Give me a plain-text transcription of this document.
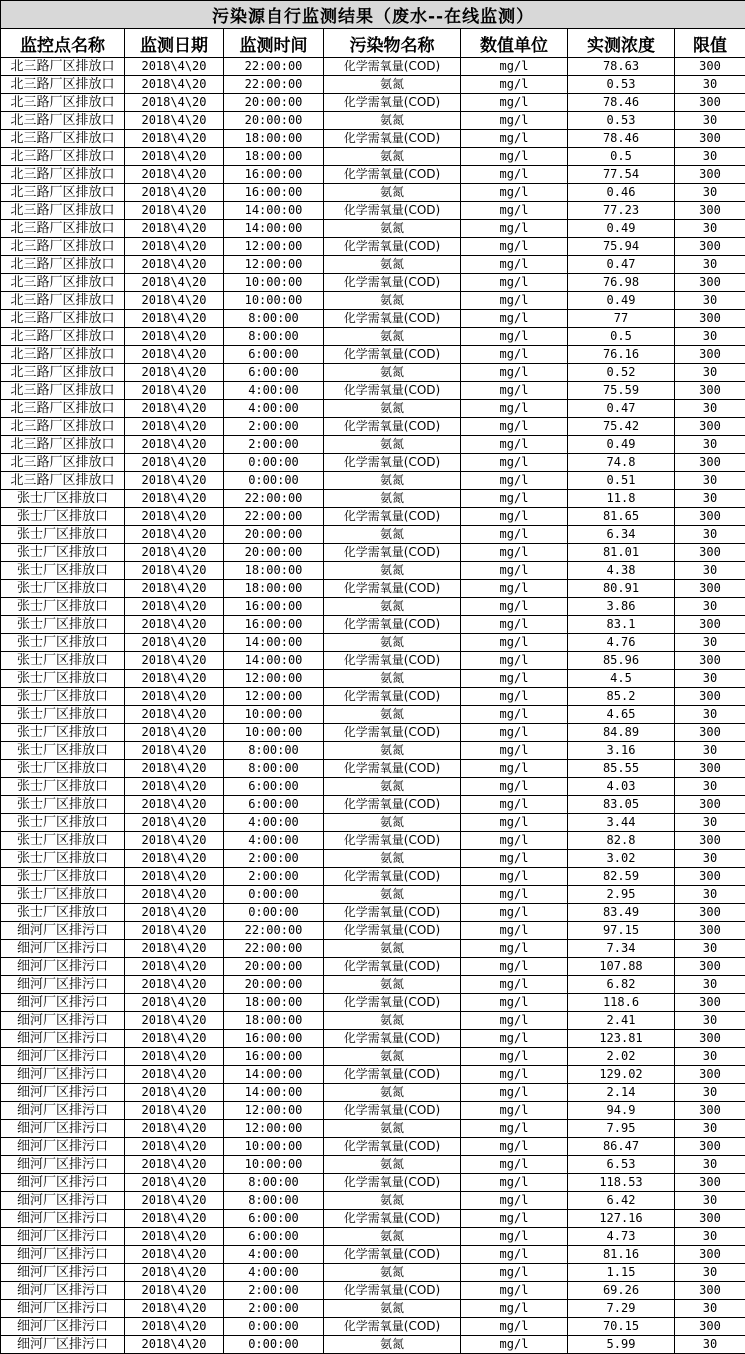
污染源自行监测结果（废水--在线监测）						
监控点名称	监测日期	监测时间	污染物名称	数值单位	实测浓度	限值
北三路厂区排放口	2018\4\20	22:00:00	化学需氧量(COD)	mg/l	78.63	300
北三路厂区排放口	2018\4\20	22:00:00	氨氮	mg/l	0.53	30
北三路厂区排放口	2018\4\20	20:00:00	化学需氧量(COD)	mg/l	78.46	300
北三路厂区排放口	2018\4\20	20:00:00	氨氮	mg/l	0.53	30
北三路厂区排放口	2018\4\20	18:00:00	化学需氧量(COD)	mg/l	78.46	300
北三路厂区排放口	2018\4\20	18:00:00	氨氮	mg/l	0.5	30
北三路厂区排放口	2018\4\20	16:00:00	化学需氧量(COD)	mg/l	77.54	300
北三路厂区排放口	2018\4\20	16:00:00	氨氮	mg/l	0.46	30
北三路厂区排放口	2018\4\20	14:00:00	化学需氧量(COD)	mg/l	77.23	300
北三路厂区排放口	2018\4\20	14:00:00	氨氮	mg/l	0.49	30
北三路厂区排放口	2018\4\20	12:00:00	化学需氧量(COD)	mg/l	75.94	300
北三路厂区排放口	2018\4\20	12:00:00	氨氮	mg/l	0.47	30
北三路厂区排放口	2018\4\20	10:00:00	化学需氧量(COD)	mg/l	76.98	300
北三路厂区排放口	2018\4\20	10:00:00	氨氮	mg/l	0.49	30
北三路厂区排放口	2018\4\20	8:00:00	化学需氧量(COD)	mg/l	77	300
北三路厂区排放口	2018\4\20	8:00:00	氨氮	mg/l	0.5	30
北三路厂区排放口	2018\4\20	6:00:00	化学需氧量(COD)	mg/l	76.16	300
北三路厂区排放口	2018\4\20	6:00:00	氨氮	mg/l	0.52	30
北三路厂区排放口	2018\4\20	4:00:00	化学需氧量(COD)	mg/l	75.59	300
北三路厂区排放口	2018\4\20	4:00:00	氨氮	mg/l	0.47	30
北三路厂区排放口	2018\4\20	2:00:00	化学需氧量(COD)	mg/l	75.42	300
北三路厂区排放口	2018\4\20	2:00:00	氨氮	mg/l	0.49	30
北三路厂区排放口	2018\4\20	0:00:00	化学需氧量(COD)	mg/l	74.8	300
北三路厂区排放口	2018\4\20	0:00:00	氨氮	mg/l	0.51	30
张士厂区排放口	2018\4\20	22:00:00	氨氮	mg/l	11.8	30
张士厂区排放口	2018\4\20	22:00:00	化学需氧量(COD)	mg/l	81.65	300
张士厂区排放口	2018\4\20	20:00:00	氨氮	mg/l	6.34	30
张士厂区排放口	2018\4\20	20:00:00	化学需氧量(COD)	mg/l	81.01	300
张士厂区排放口	2018\4\20	18:00:00	氨氮	mg/l	4.38	30
张士厂区排放口	2018\4\20	18:00:00	化学需氧量(COD)	mg/l	80.91	300
张士厂区排放口	2018\4\20	16:00:00	氨氮	mg/l	3.86	30
张士厂区排放口	2018\4\20	16:00:00	化学需氧量(COD)	mg/l	83.1	300
张士厂区排放口	2018\4\20	14:00:00	氨氮	mg/l	4.76	30
张士厂区排放口	2018\4\20	14:00:00	化学需氧量(COD)	mg/l	85.96	300
张士厂区排放口	2018\4\20	12:00:00	氨氮	mg/l	4.5	30
张士厂区排放口	2018\4\20	12:00:00	化学需氧量(COD)	mg/l	85.2	300
张士厂区排放口	2018\4\20	10:00:00	氨氮	mg/l	4.65	30
张士厂区排放口	2018\4\20	10:00:00	化学需氧量(COD)	mg/l	84.89	300
张士厂区排放口	2018\4\20	8:00:00	氨氮	mg/l	3.16	30
张士厂区排放口	2018\4\20	8:00:00	化学需氧量(COD)	mg/l	85.55	300
张士厂区排放口	2018\4\20	6:00:00	氨氮	mg/l	4.03	30
张士厂区排放口	2018\4\20	6:00:00	化学需氧量(COD)	mg/l	83.05	300
张士厂区排放口	2018\4\20	4:00:00	氨氮	mg/l	3.44	30
张士厂区排放口	2018\4\20	4:00:00	化学需氧量(COD)	mg/l	82.8	300
张士厂区排放口	2018\4\20	2:00:00	氨氮	mg/l	3.02	30
张士厂区排放口	2018\4\20	2:00:00	化学需氧量(COD)	mg/l	82.59	300
张士厂区排放口	2018\4\20	0:00:00	氨氮	mg/l	2.95	30
张士厂区排放口	2018\4\20	0:00:00	化学需氧量(COD)	mg/l	83.49	300
细河厂区排污口	2018\4\20	22:00:00	化学需氧量(COD)	mg/l	97.15	300
细河厂区排污口	2018\4\20	22:00:00	氨氮	mg/l	7.34	30
细河厂区排污口	2018\4\20	20:00:00	化学需氧量(COD)	mg/l	107.88	300
细河厂区排污口	2018\4\20	20:00:00	氨氮	mg/l	6.82	30
细河厂区排污口	2018\4\20	18:00:00	化学需氧量(COD)	mg/l	118.6	300
细河厂区排污口	2018\4\20	18:00:00	氨氮	mg/l	2.41	30
细河厂区排污口	2018\4\20	16:00:00	化学需氧量(COD)	mg/l	123.81	300
细河厂区排污口	2018\4\20	16:00:00	氨氮	mg/l	2.02	30
细河厂区排污口	2018\4\20	14:00:00	化学需氧量(COD)	mg/l	129.02	300
细河厂区排污口	2018\4\20	14:00:00	氨氮	mg/l	2.14	30
细河厂区排污口	2018\4\20	12:00:00	化学需氧量(COD)	mg/l	94.9	300
细河厂区排污口	2018\4\20	12:00:00	氨氮	mg/l	7.95	30
细河厂区排污口	2018\4\20	10:00:00	化学需氧量(COD)	mg/l	86.47	300
细河厂区排污口	2018\4\20	10:00:00	氨氮	mg/l	6.53	30
细河厂区排污口	2018\4\20	8:00:00	化学需氧量(COD)	mg/l	118.53	300
细河厂区排污口	2018\4\20	8:00:00	氨氮	mg/l	6.42	30
细河厂区排污口	2018\4\20	6:00:00	化学需氧量(COD)	mg/l	127.16	300
细河厂区排污口	2018\4\20	6:00:00	氨氮	mg/l	4.73	30
细河厂区排污口	2018\4\20	4:00:00	化学需氧量(COD)	mg/l	81.16	300
细河厂区排污口	2018\4\20	4:00:00	氨氮	mg/l	1.15	30
细河厂区排污口	2018\4\20	2:00:00	化学需氧量(COD)	mg/l	69.26	300
细河厂区排污口	2018\4\20	2:00:00	氨氮	mg/l	7.29	30
细河厂区排污口	2018\4\20	0:00:00	化学需氧量(COD)	mg/l	70.15	300
细河厂区排污口	2018\4\20	0:00:00	氨氮	mg/l	5.99	30
